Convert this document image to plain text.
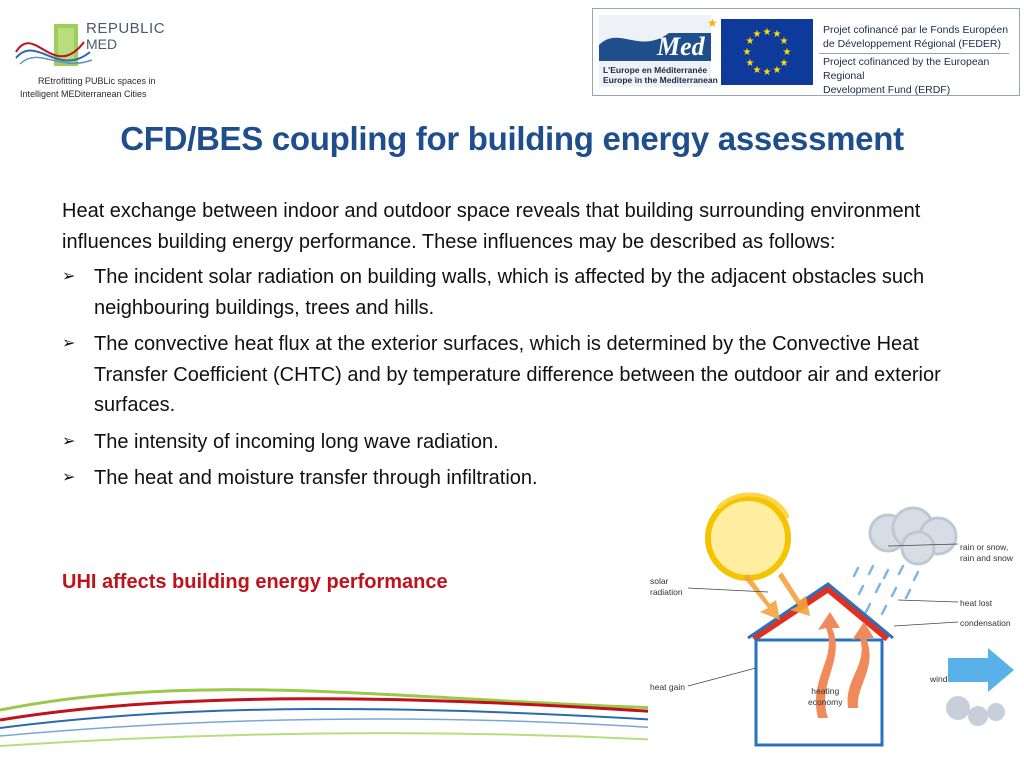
REPUBLIC
MED
REtrofitting PUBLic spaces in
Intelligent MEDiterranean Cities
Med
★
L'Europe en Méditerranée
Europe in the Mediterranean
★ ★
★
★
★
★
★
★
★
★
★
★	Projet cofinancé par le Fonds Européen
de Développement Régional (FEDER)
Project cofinanced by the European Regional
Development Fund (ERDF)
CFD/BES coupling for building energy assessment

Heat exchange between indoor and outdoor space reveals that building surrounding environment influences building energy performance. These influences may be described as follows:

➢ The incident solar radiation on building walls, which is affected by the adjacent obstacles such neighbouring buildings, trees and hills.
➢ The convective heat flux at the exterior surfaces, which is determined by the Convective Heat Transfer Coefficient (CHTC) and by temperature difference between the outdoor air and exterior surfaces.
➢ The intensity of incoming long wave radiation.
➢ The heat and moisture transfer through infiltration.
UHI affects building energy performance
rain or snow,
rain and snow
solar
radiation
heat lost
condensation
heat gain
wind
heating
economy
